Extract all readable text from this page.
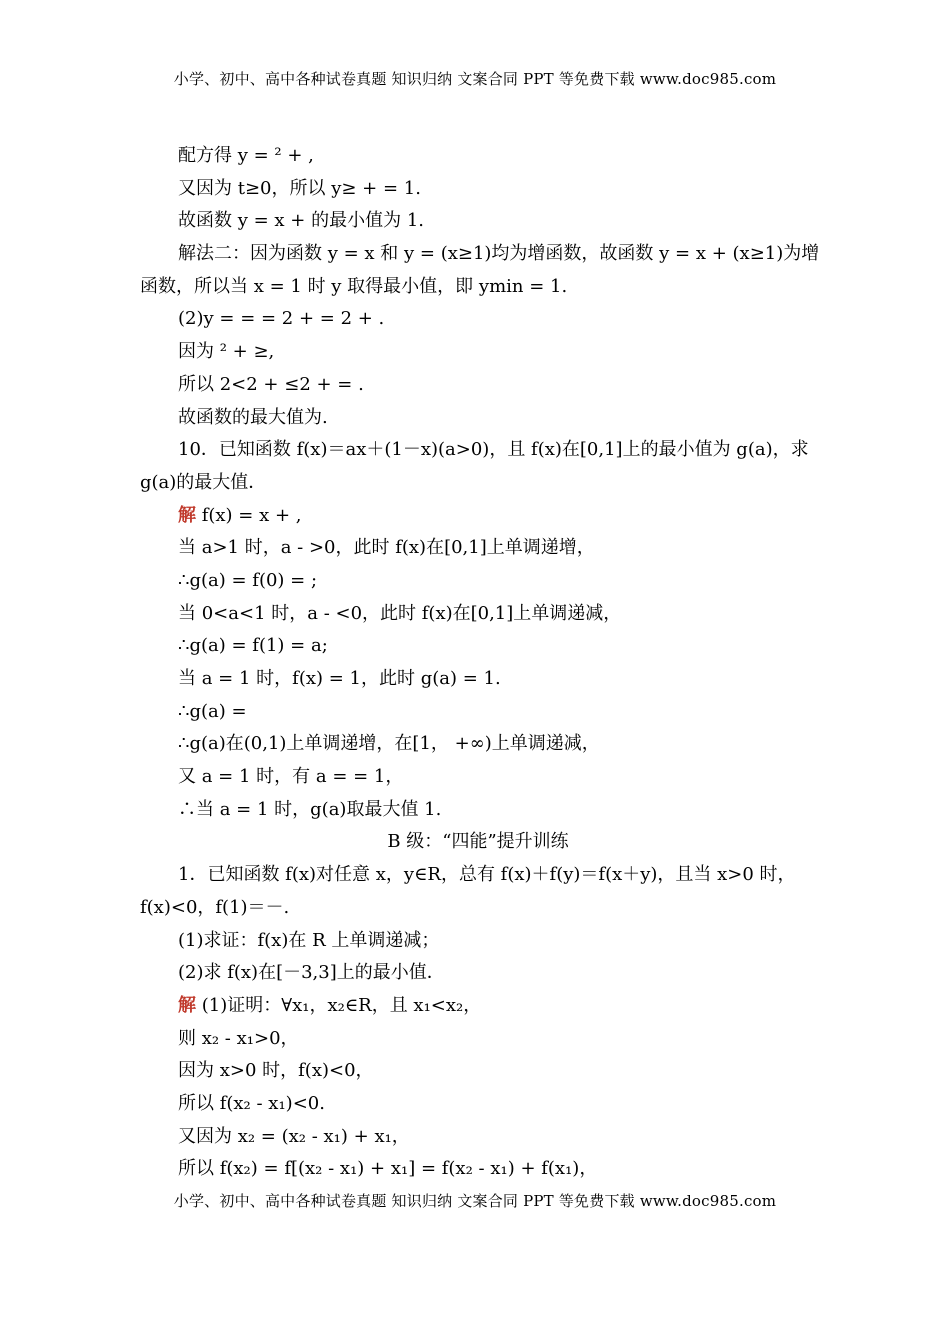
小学、初中、高中各种试卷真题 知识归纳 文案合同 PPT 等免费下载 www.doc985.com
配方得 y = ² + ,
又因为 t≥0，所以 y≥ + = 1.
故函数 y = x + 的最小值为 1.
解法二：因为函数 y = x 和 y = (x≥1)均为增函数，故函数 y = x + (x≥1)为增
函数，所以当 x = 1 时 y 取得最小值，即 ymin = 1.
(2)y = = = 2 + = 2 + .
因为 ² + ≥,
所以 2<2 + ≤2 + = .
故函数的最大值为.
10．已知函数 f(x)＝ax＋(1－x)(a>0)，且 f(x)在[0,1]上的最小值为 g(a)，求
g(a)的最大值．
解 f(x) = x + ,
当 a>1 时，a - >0，此时 f(x)在[0,1]上单调递增，
∴g(a) = f(0) = ;
当 0<a<1 时，a - <0，此时 f(x)在[0,1]上单调递减，
∴g(a) = f(1) = a;
当 a = 1 时，f(x) = 1，此时 g(a) = 1.
∴g(a) =
∴g(a)在(0,1)上单调递增，在[1， +∞)上单调递减，
又 a = 1 时，有 a = = 1，
∴当 a = 1 时，g(a)取最大值 1.
B 级：“四能”提升训练
1．已知函数 f(x)对任意 x，y∈R，总有 f(x)＋f(y)＝f(x＋y)，且当 x>0 时，
f(x)<0，f(1)＝－.
(1)求证：f(x)在 R 上单调递减；
(2)求 f(x)在[－3,3]上的最小值．
解 (1)证明：∀x₁，x₂∈R，且 x₁<x₂，
则 x₂ - x₁>0，
因为 x>0 时，f(x)<0，
所以 f(x₂ - x₁)<0.
又因为 x₂ = (x₂ - x₁) + x₁，
所以 f(x₂) = f[(x₂ - x₁) + x₁] = f(x₂ - x₁) + f(x₁)，
小学、初中、高中各种试卷真题 知识归纳 文案合同 PPT 等免费下载 www.doc985.com
